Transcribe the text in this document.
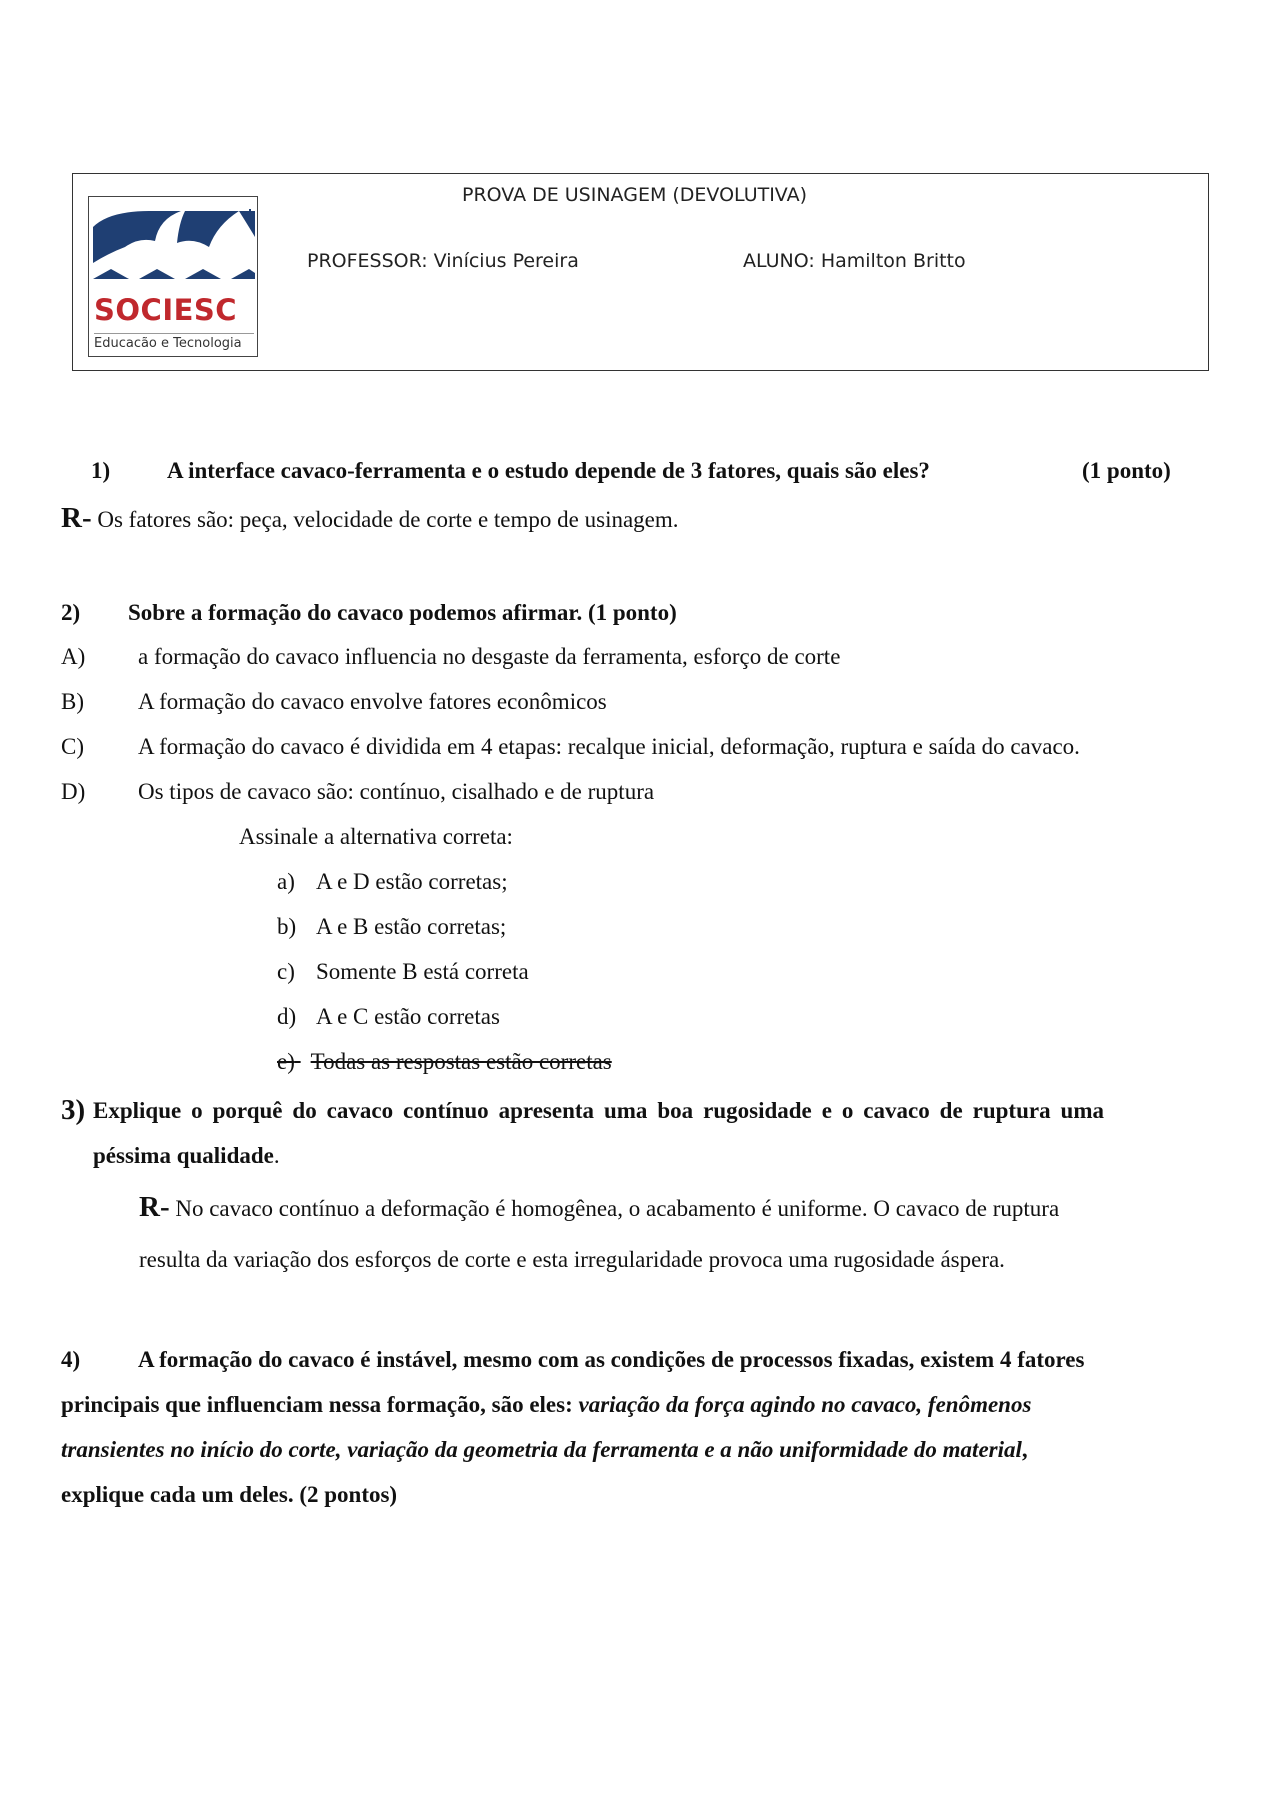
SOCIESC
Educacão e Tecnologia
PROVA DE USINAGEM (DEVOLUTIVA)
PROFESSOR: Vinícius Pereira	ALUNO: Hamilton Britto
1) A interface cavaco-ferramenta e o estudo depende de 3 fatores, quais são eles?	(1 ponto)
R- Os fatores são: peça, velocidade de corte e tempo de usinagem.
2) Sobre a formação do cavaco podemos afirmar. (1 ponto)
A) a formação do cavaco influencia no desgaste da ferramenta, esforço de corte
B) A formação do cavaco envolve fatores econômicos
C) A formação do cavaco é dividida em 4 etapas: recalque inicial, deformação, ruptura e saída do cavaco.
D) Os tipos de cavaco são: contínuo, cisalhado e de ruptura
Assinale a alternativa correta:
a) A e D estão corretas;
b) A e B estão corretas;
c) Somente B está correta
d) A e C estão corretas
e) Todas as respostas estão corretas
3) Explique o porquê do cavaco contínuo apresenta uma boa rugosidade e o cavaco de ruptura uma
péssima qualidade.
R- No cavaco contínuo a deformação é homogênea, o acabamento é uniforme. O cavaco de ruptura
resulta da variação dos esforços de corte e esta irregularidade provoca uma rugosidade áspera.
4)	A formação do cavaco é instável, mesmo com as condições de processos fixadas, existem 4 fatores
principais que influenciam nessa formação, são eles: variação da força agindo no cavaco, fenômenos
transientes no início do corte, variação da geometria da ferramenta e a não uniformidade do material,
explique cada um deles. (2 pontos)
